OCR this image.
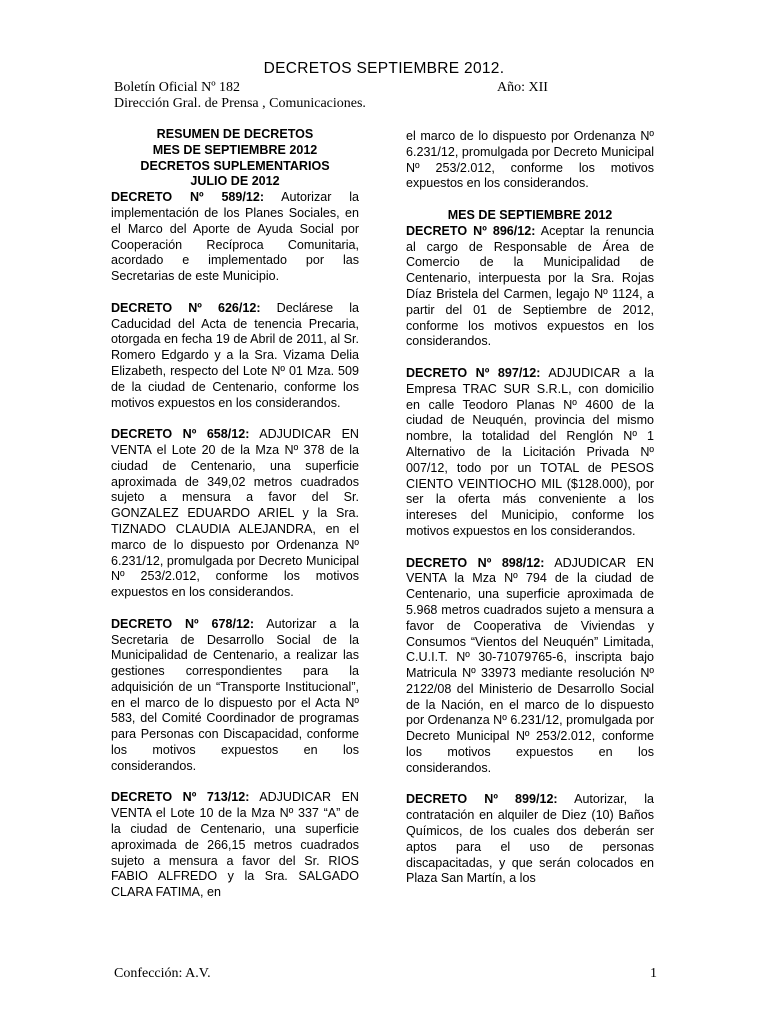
DECRETOS SEPTIEMBRE 2012.
Boletín Oficial Nº 182	Año: XII
Dirección Gral. de Prensa , Comunicaciones.
RESUMEN DE DECRETOS
MES DE SEPTIEMBRE 2012
DECRETOS SUPLEMENTARIOS
JULIO DE 2012

DECRETO Nº 589/12: Autorizar la implementación de los Planes Sociales, en el Marco del Aporte de Ayuda Social por Cooperación Recíproca Comunitaria, acordado e implementado por las Secretarias de este Municipio.

DECRETO Nº 626/12: Declárese la Caducidad del Acta de tenencia Precaria, otorgada en fecha 19 de Abril de 2011, al Sr. Romero Edgardo y a la Sra. Vizama Delia Elizabeth, respecto del Lote Nº 01 Mza. 509 de la ciudad de Centenario, conforme los motivos expuestos en los considerandos.

DECRETO Nº 658/12: ADJUDICAR EN VENTA el Lote 20 de la Mza Nº 378 de la ciudad de Centenario, una superficie aproximada de 349,02 metros cuadrados sujeto a mensura a favor del Sr. GONZALEZ EDUARDO ARIEL y la Sra. TIZNADO CLAUDIA ALEJANDRA, en el marco de lo dispuesto por Ordenanza Nº 6.231/12, promulgada por Decreto Municipal Nº 253/2.012, conforme los motivos expuestos en los considerandos.

DECRETO Nº 678/12: Autorizar a la Secretaria de Desarrollo Social de la Municipalidad de Centenario, a realizar las gestiones correspondientes para la adquisición de un “Transporte Institucional”, en el marco de lo dispuesto por el Acta Nº 583, del Comité Coordinador de programas para Personas con Discapacidad, conforme los motivos expuestos en los considerandos.

DECRETO Nº 713/12: ADJUDICAR EN VENTA el Lote 10 de la Mza Nº 337 “A” de la ciudad de Centenario, una superficie aproximada de 266,15 metros cuadrados sujeto a mensura a favor del Sr. RIOS FABIO ALFREDO y la Sra. SALGADO CLARA FATIMA, en

el marco de lo dispuesto por Ordenanza Nº 6.231/12, promulgada por Decreto Municipal Nº 253/2.012, conforme los motivos expuestos en los considerandos.

MES DE SEPTIEMBRE 2012

DECRETO Nº 896/12: Aceptar la renuncia al cargo de Responsable de Área de Comercio de la Municipalidad de Centenario, interpuesta por la Sra. Rojas Díaz Bristela del Carmen, legajo Nº 1124, a partir del 01 de Septiembre de 2012, conforme los motivos expuestos en los considerandos.

DECRETO Nº 897/12: ADJUDICAR a la Empresa TRAC SUR S.R.L, con domicilio en calle Teodoro Planas Nº 4600 de la ciudad de Neuquén, provincia del mismo nombre, la totalidad del Renglón Nº 1 Alternativo de la Licitación Privada Nº 007/12, todo por un TOTAL de PESOS CIENTO VEINTIOCHO MIL ($128.000), por ser la oferta más conveniente a los intereses del Municipio, conforme los motivos expuestos en los considerandos.

DECRETO Nº 898/12: ADJUDICAR EN VENTA la Mza Nº 794 de la ciudad de Centenario, una superficie aproximada de 5.968 metros cuadrados sujeto a mensura a favor de Cooperativa de Viviendas y Consumos “Vientos del Neuquén” Limitada, C.U.I.T. Nº 30-71079765-6, inscripta bajo Matricula Nº 33973 mediante resolución Nº 2122/08 del Ministerio de Desarrollo Social de la Nación, en el marco de lo dispuesto por Ordenanza Nº 6.231/12, promulgada por Decreto Municipal Nº 253/2.012, conforme los motivos expuestos en los considerandos.

DECRETO Nº 899/12: Autorizar, la contratación en alquiler de Diez (10) Baños Químicos, de los cuales dos deberán ser aptos para el uso de personas discapacitadas, y que serán colocados en Plaza San Martín, a los

Confección: A.V.	1
